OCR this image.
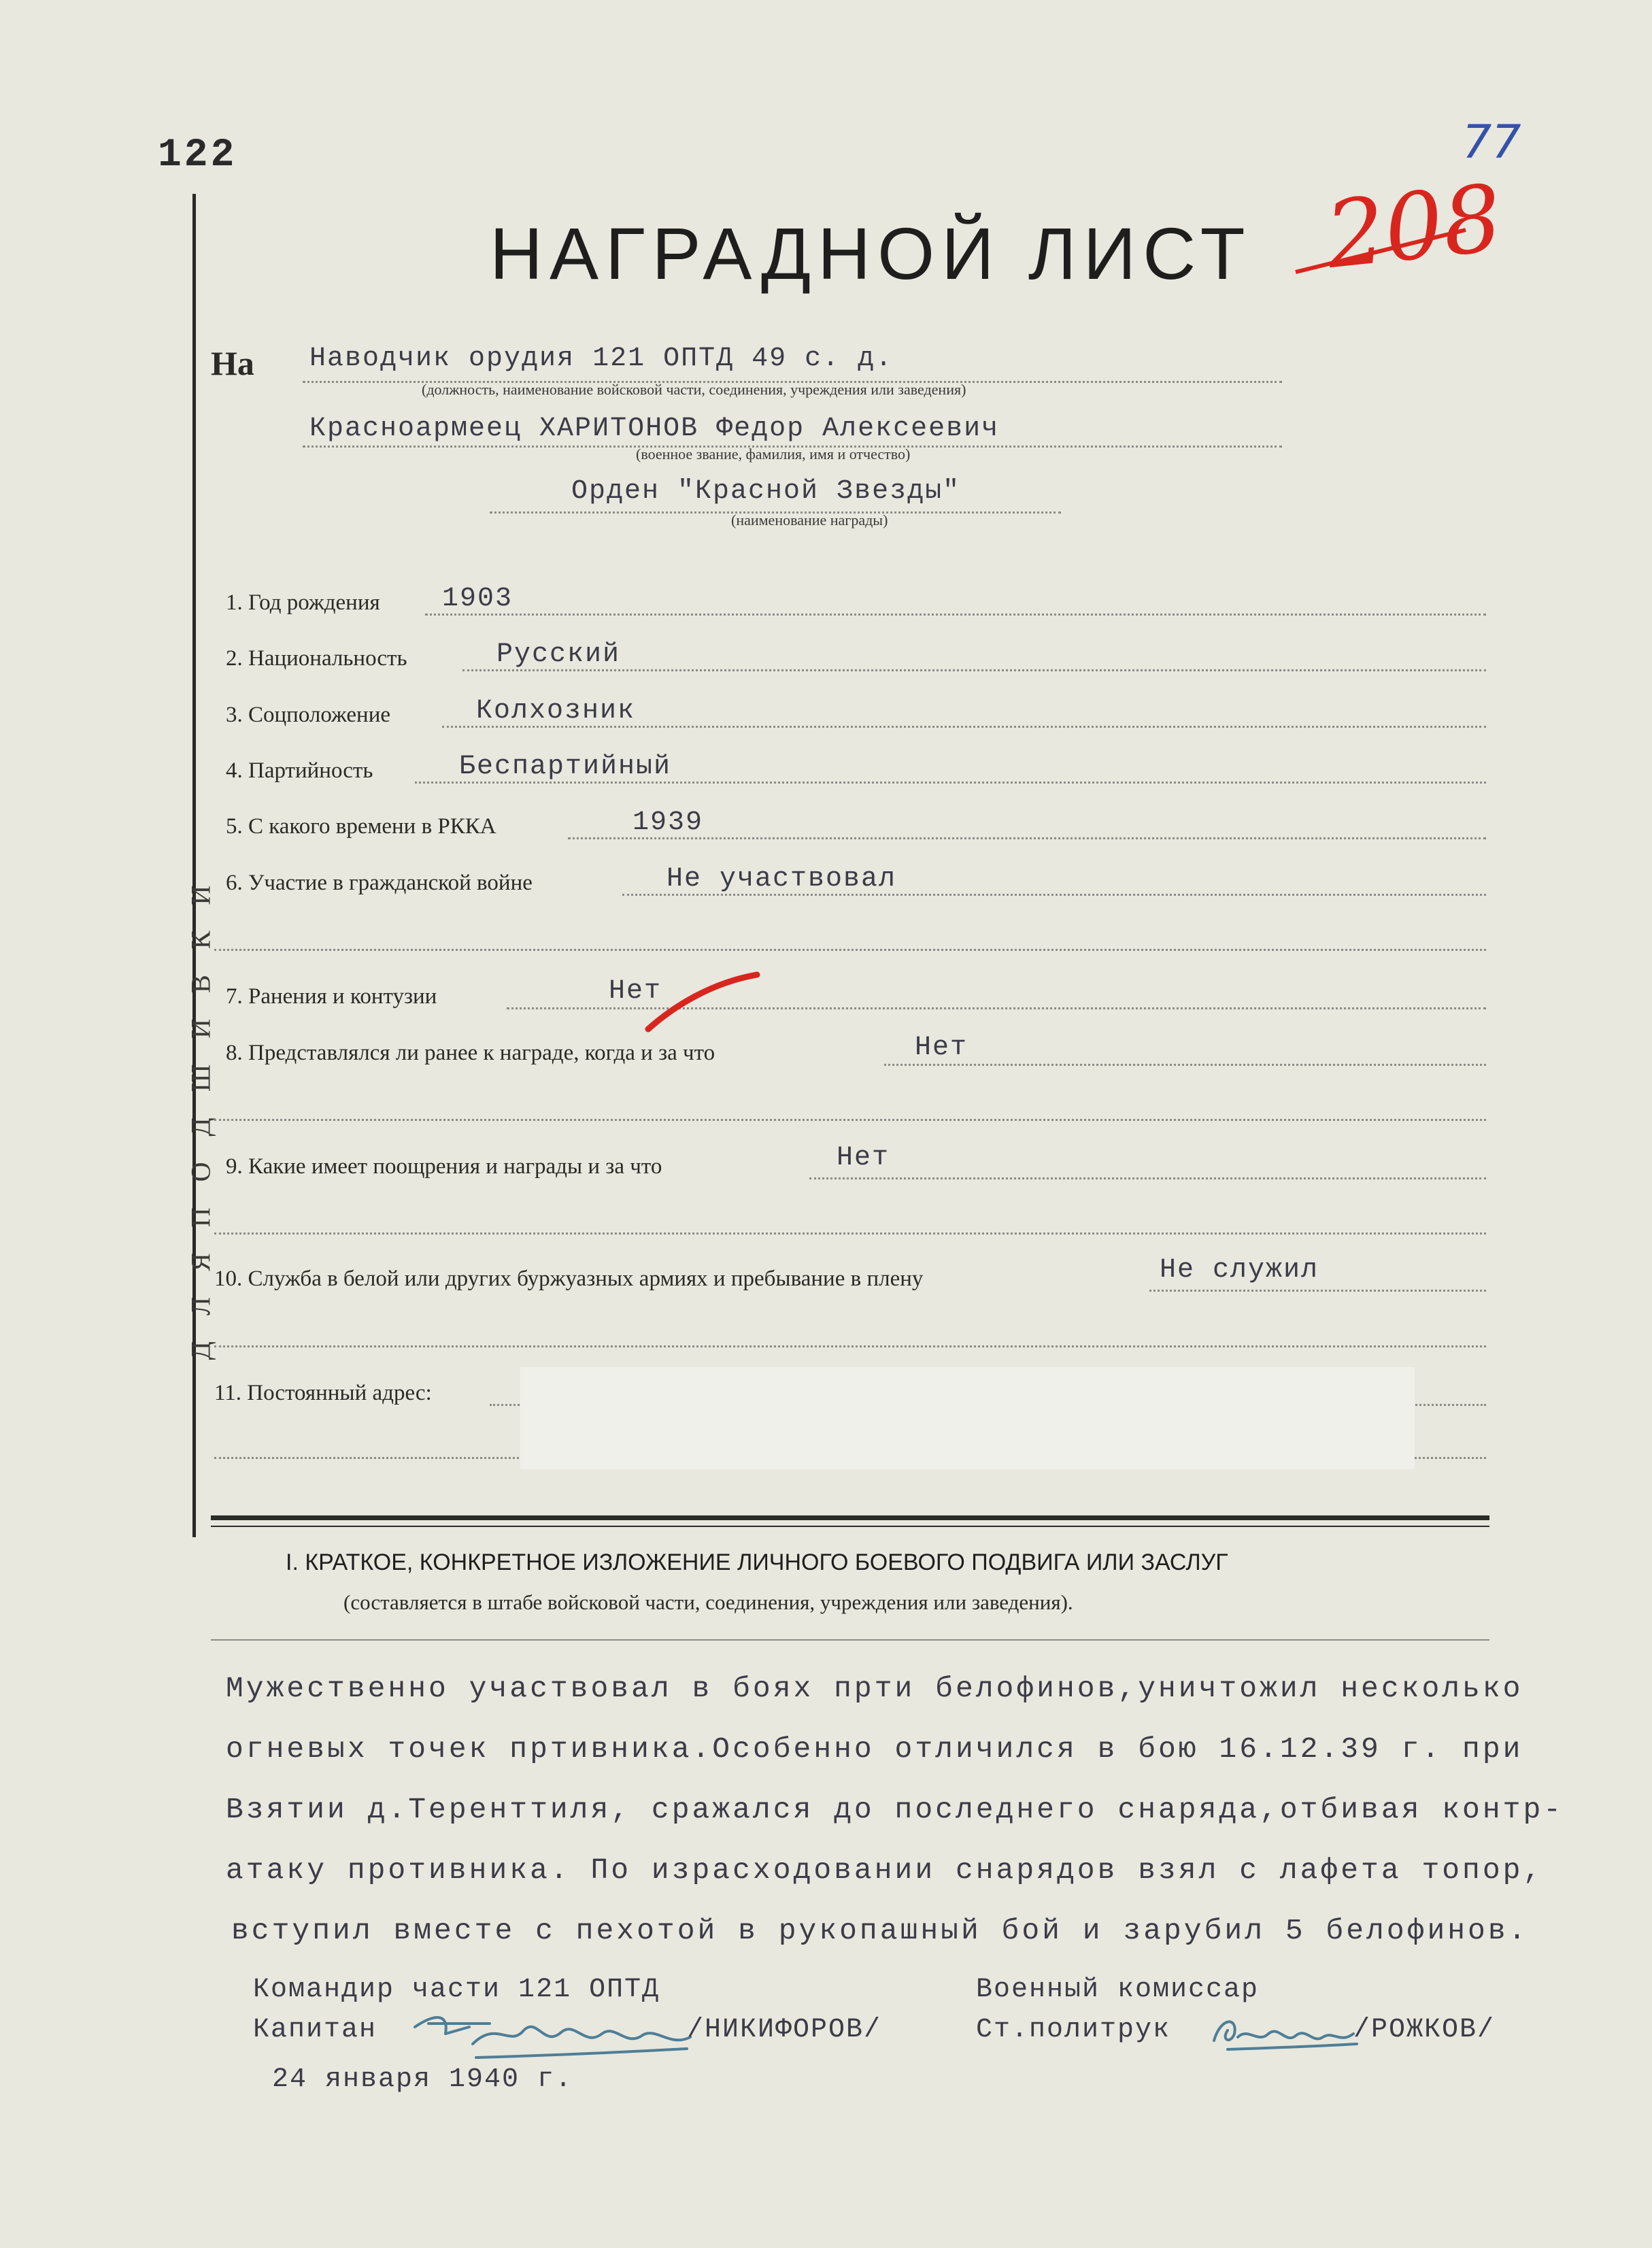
122
208
77
Д Л Я П О Д Ш И В К И
НАГРАДНОЙ ЛИСТ
На Наводчик орудия 121 ОПТД 49 с. д.
(должность, наименование войсковой части, соединения, учреждения или заведения)
Красноармеец ХАРИТОНОВ Федор Алексеевич
(военное звание, фамилия, имя и отчество)
Орден "Красной Звезды"
(наименование награды)
1. Год рождения 1903
2. Национальность	Русский
3. Соцположение	Колхозник
4. Партийность	Беспартийный
5. С какого времени в РККА	1939
6. Участие в гражданской войне	Не участвовал
7. Ранения и контузии	Нет
8. Представлялся ли ранее к награде, когда и за что	Нет
9. Какие имеет поощрения и награды и за что	Нет
10. Служба в белой или других буржуазных армиях и пребывание в плену	Не служил
11. Постоянный адрес:
I. КРАТКОЕ, КОНКРЕТНОЕ ИЗЛОЖЕНИЕ ЛИЧНОГО БОЕВОГО ПОДВИГА ИЛИ ЗАСЛУГ
(составляется в штабе войсковой части, соединения, учреждения или заведения).
Мужественно участвовал в боях прти белофинов,уничтожил несколько
огневых точек пртивника.Особенно отличился в бою 16.12.39 г. при
Взятии д.Теренттиля, сражался до последнего снаряда,отбивая контр-
атаку противника. По израсходовании снарядов взял с лафета топор,
вступил вместе с пехотой в рукопашный бой и зарубил 5 белофинов.
Командир части 121 ОПТД
Капитан	/НИКИФОРОВ/
Военный комиссар
Ст.политрук	/РОЖКОВ/
24 января 1940 г.
